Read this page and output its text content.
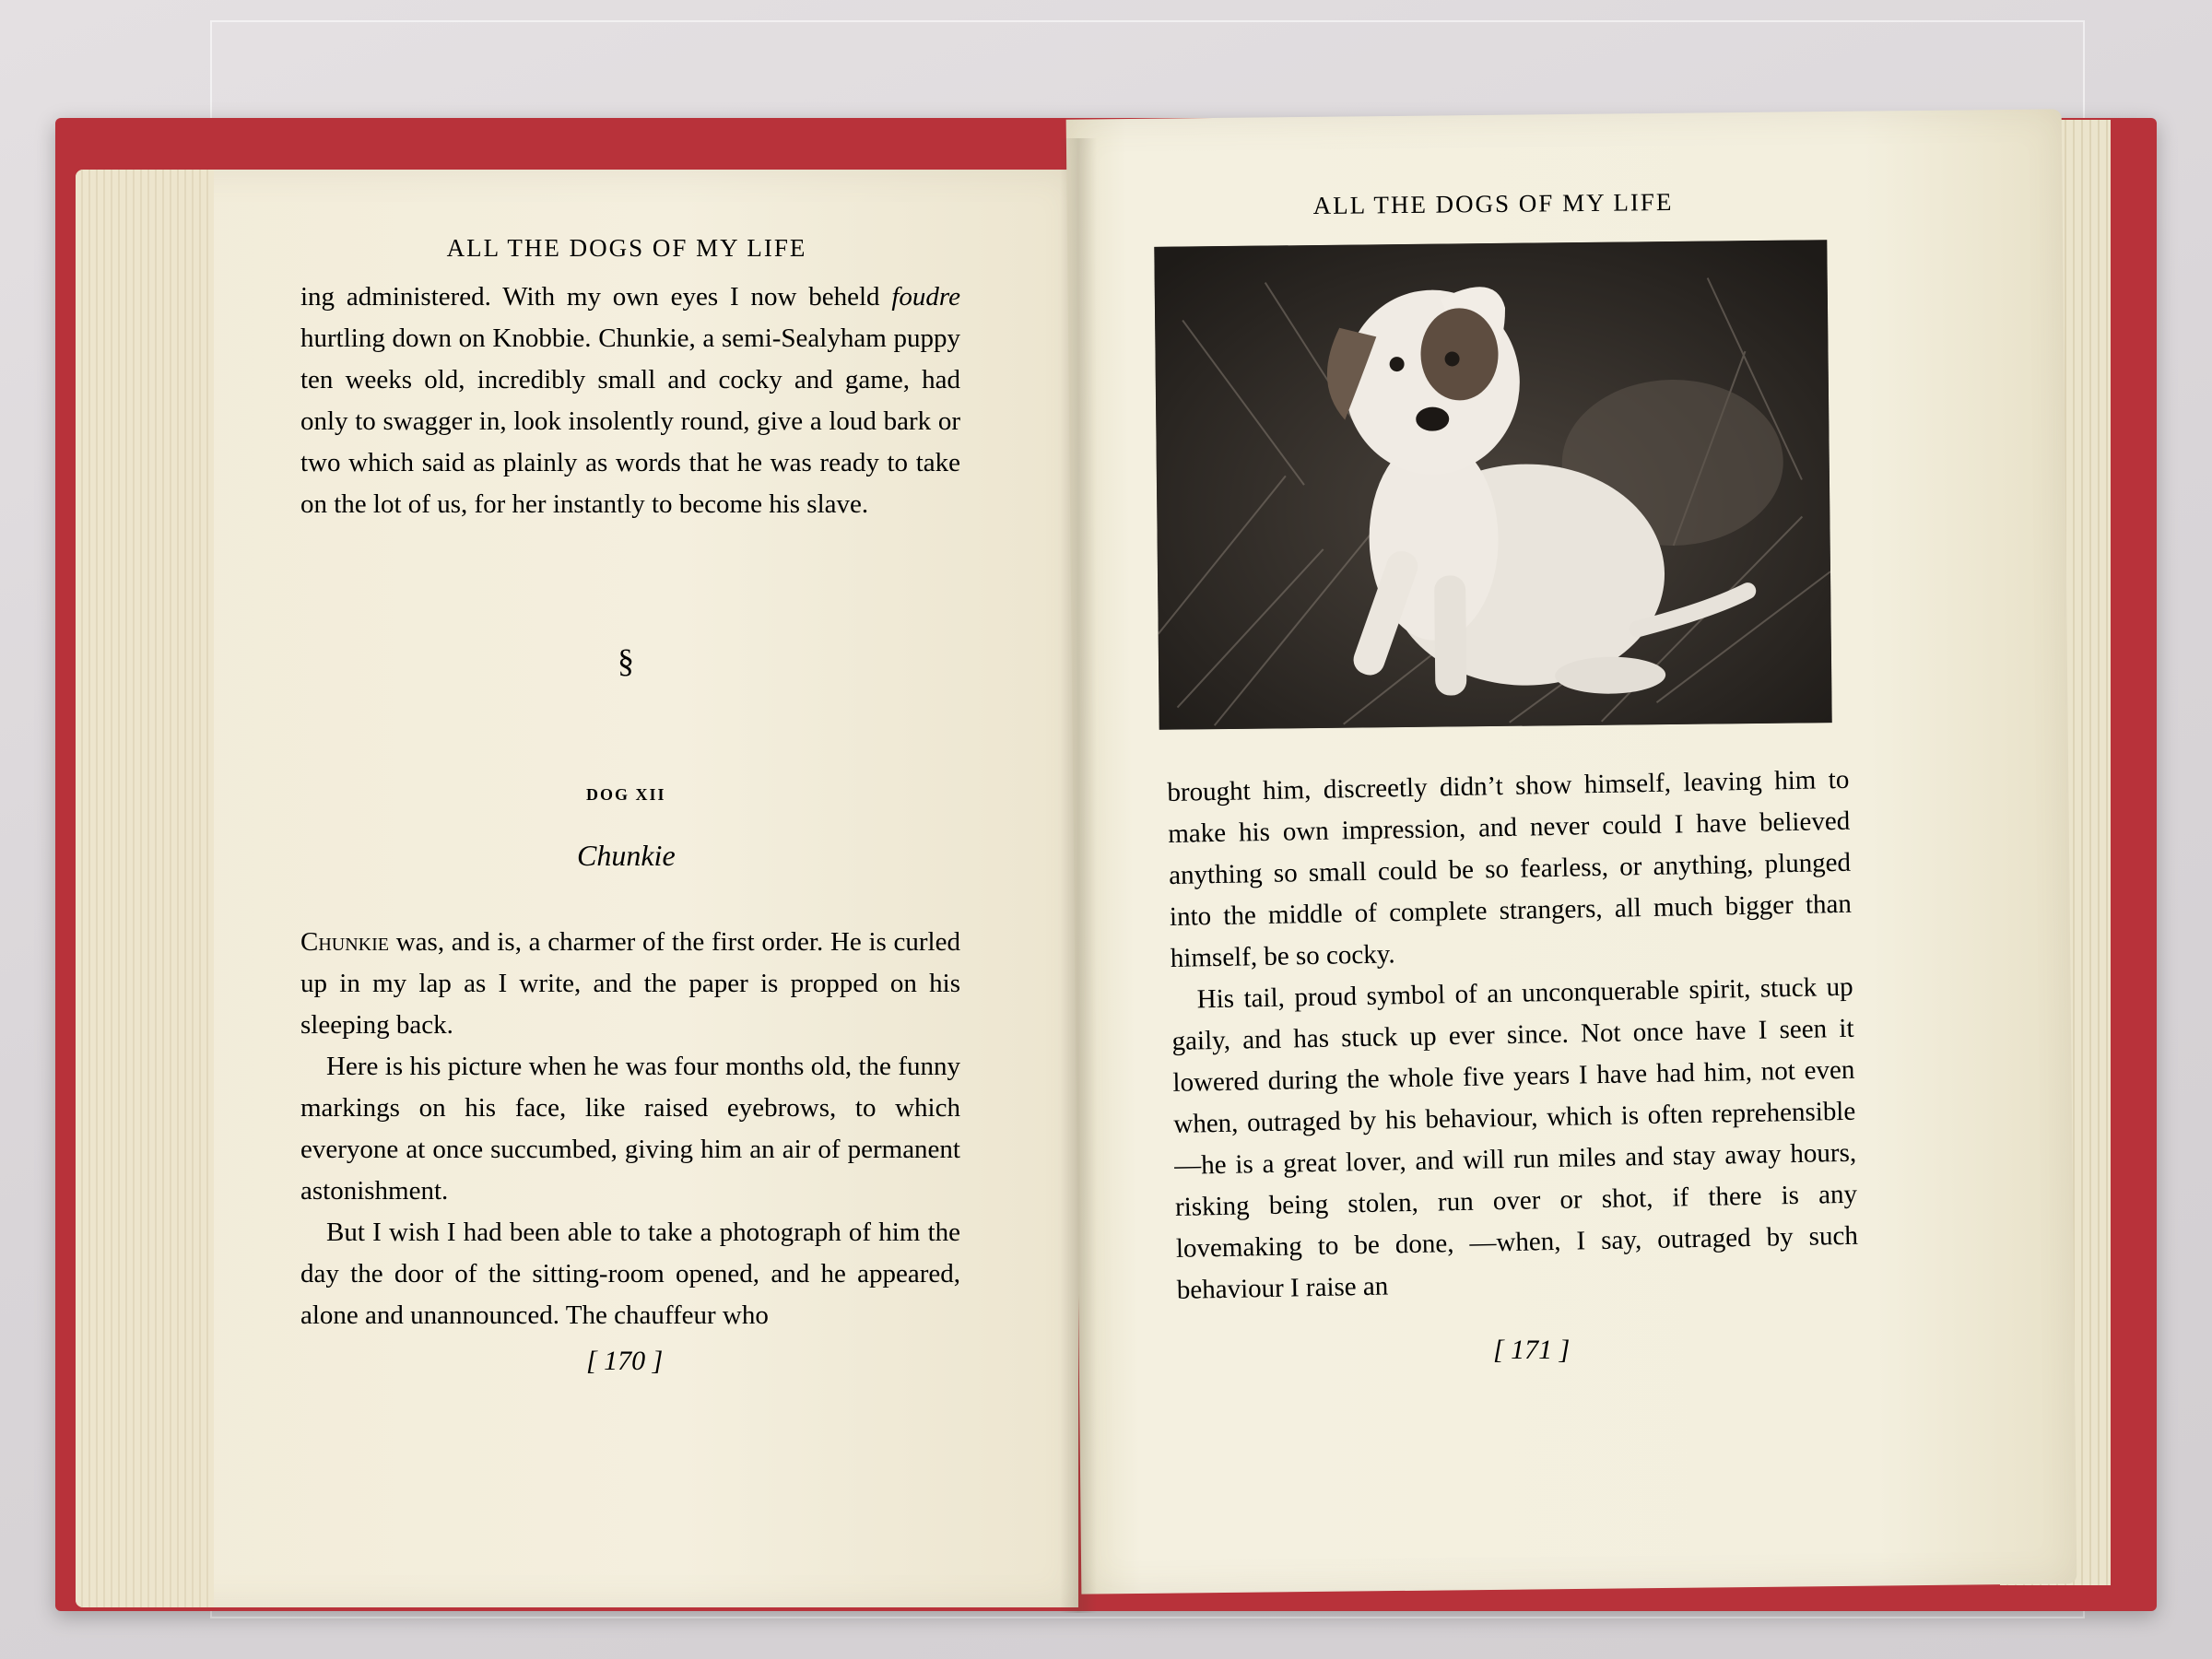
ALL THE DOGS OF MY LIFE

ing administered. With my own eyes I now beheld foudre hurtling down on Knobbie. Chunkie, a semi-Sealyham puppy ten weeks old, incredibly small and cocky and game, had only to swagger in, look insolently round, give a loud bark or two which said as plainly as words that he was ready to take on the lot of us, for her instantly to become his slave.

§
DOG XII
Chunkie

Chunkie was, and is, a charmer of the first order. He is curled up in my lap as I write, and the paper is propped on his sleeping back.

Here is his picture when he was four months old, the funny markings on his face, like raised eyebrows, to which everyone at once succumbed, giving him an air of permanent astonishment.

But I wish I had been able to take a photograph of him the day the door of the sitting-room opened, and he appeared, alone and unannounced. The chauffeur who

[ 170 ]
ALL THE DOGS OF MY LIFE

brought him, discreetly didn’t show himself, leaving him to make his own impression, and never could I have believed anything so small could be so fearless, or anything, plunged into the middle of complete strangers, all much bigger than himself, be so cocky.

His tail, proud symbol of an unconquerable spirit, stuck up gaily, and has stuck up ever since. Not once have I seen it lowered during the whole five years I have had him, not even when, outraged by his behaviour, which is often reprehensible—he is a great lover, and will run miles and stay away hours, risking being stolen, run over or shot, if there is any lovemaking to be done, —when, I say, outraged by such behaviour I raise an

[ 171 ]
